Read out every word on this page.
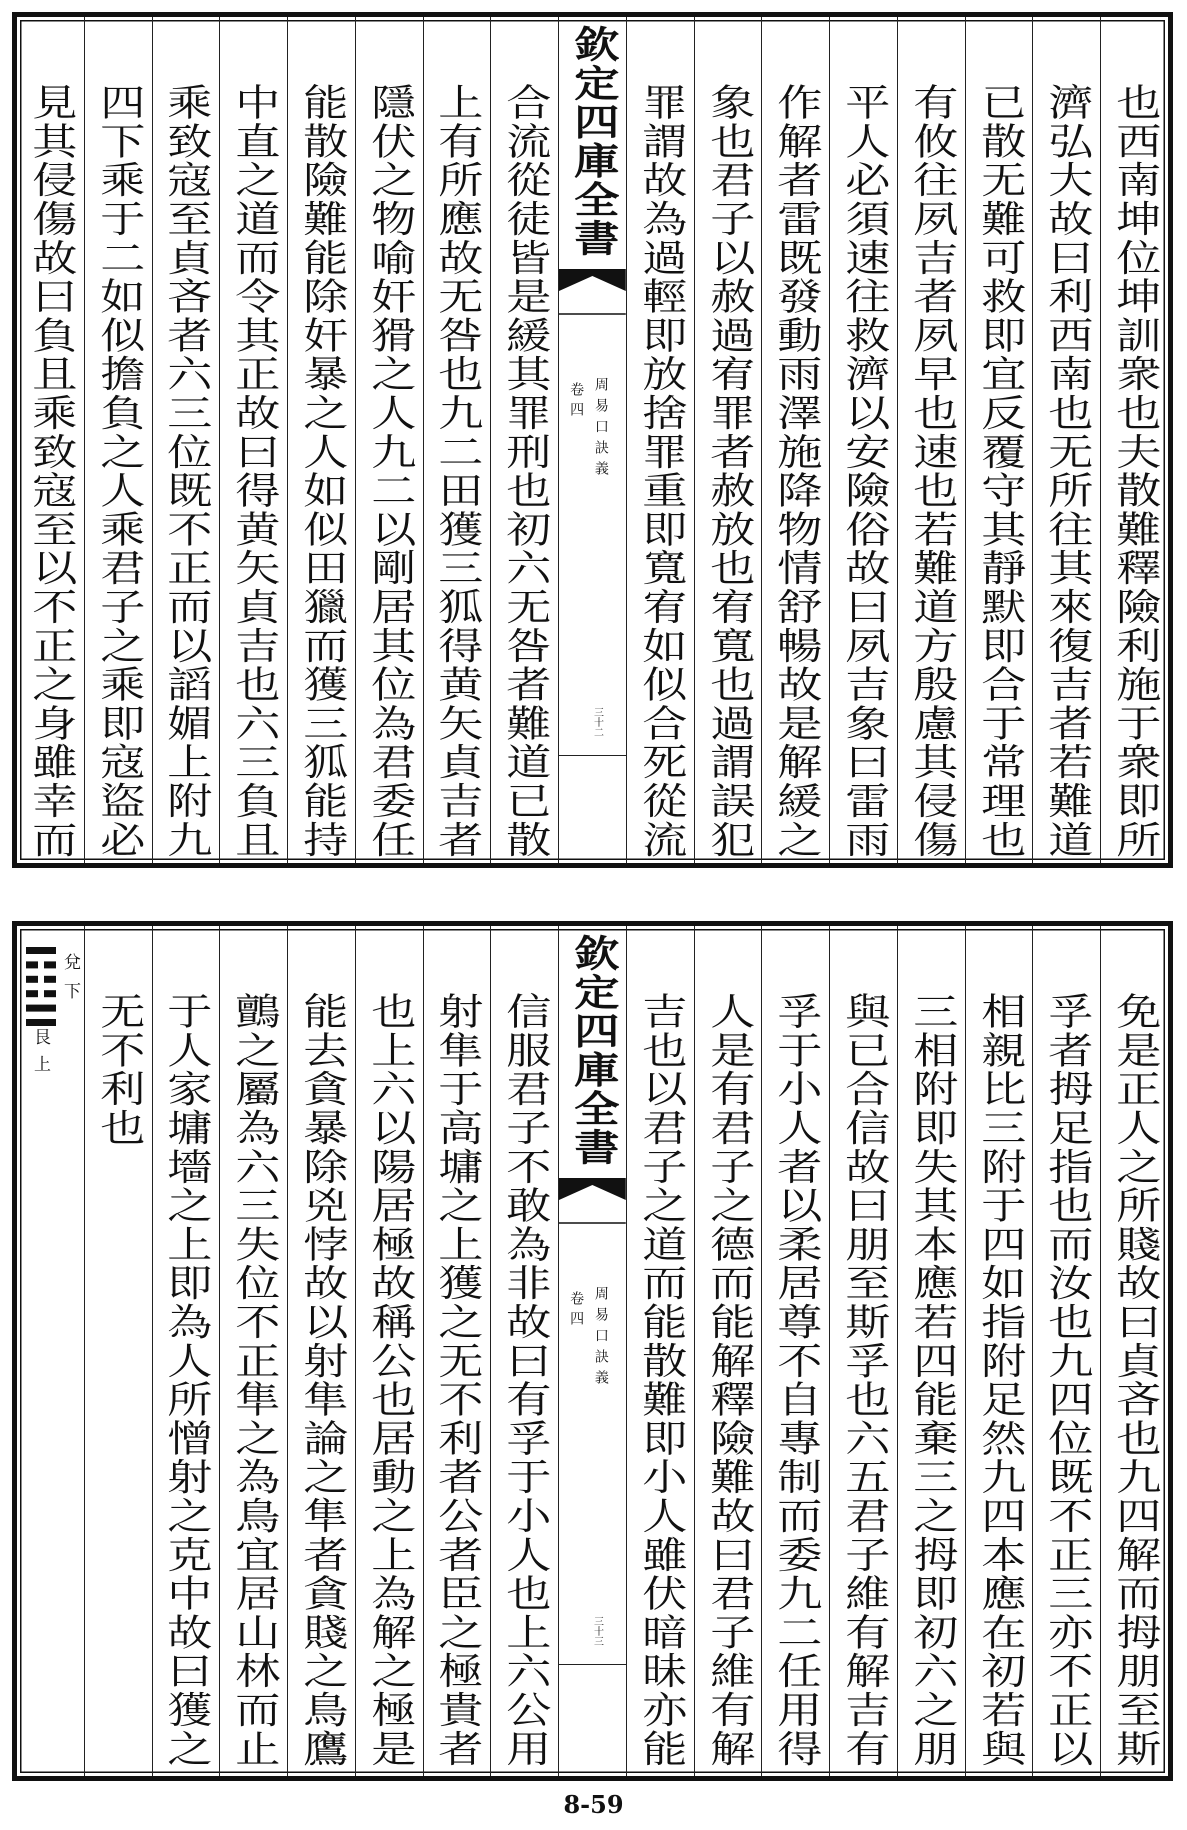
也西南坤位坤訓衆也夫散難釋險利施于衆即所
濟弘大故曰利西南也无所往其來復吉者若難道
已散无難可救即宜反覆守其靜默即合于常理也
有攸往夙吉者夙早也速也若難道方殷慮其侵傷
平人必須速往救濟以安險俗故曰夙吉象曰雷雨
作解者雷既發動雨澤施降物情舒暢故是解緩之
象也君子以赦過宥罪者赦放也宥寬也過謂誤犯
罪謂故為過輕即放捨罪重即寬宥如似合死從流
欽定四庫全書
周易口訣義
卷四
三十二
合流從徒皆是緩其罪刑也初六无咎者難道已散
上有所應故无咎也九二田獲三狐得黄矢貞吉者
隱伏之物喻奸猾之人九二以剛居其位為君委任
能散險難能除奸暴之人如似田獵而獲三狐能持
中直之道而令其正故曰得黄矢貞吉也六三負且
乘致寇至貞吝者六三位既不正而以謟媚上附九
四下乘于二如似擔負之人乘君子之乘即寇盜必
見其侵傷故曰負且乘致寇至以不正之身雖幸而
免是正人之所賤故曰貞吝也九四解而拇朋至斯
孚者拇足指也而汝也九四位既不正三亦不正以
相親比三附于四如指附足然九四本應在初若與
三相附即失其本應若四能棄三之拇即初六之朋
與已合信故曰朋至斯孚也六五君子維有解吉有
孚于小人者以柔居尊不自專制而委九二任用得
人是有君子之德而能解釋險難故曰君子維有解
吉也以君子之道而能散難即小人雖伏暗昧亦能
欽定四庫全書
周易口訣義
卷四
三十三
信服君子不敢為非故曰有孚于小人也上六公用
射隼于高墉之上獲之无不利者公者臣之極貴者
也上六以陽居極故稱公也居動之上為解之極是
能去貪暴除兇悖故以射隼論之隼者貪賤之鳥鷹
鸇之屬為六三失位不正隼之為鳥宜居山林而止
于人家墉墻之上即為人所憎射之克中故曰獲之
无不利也
兌下
艮上
8-59
